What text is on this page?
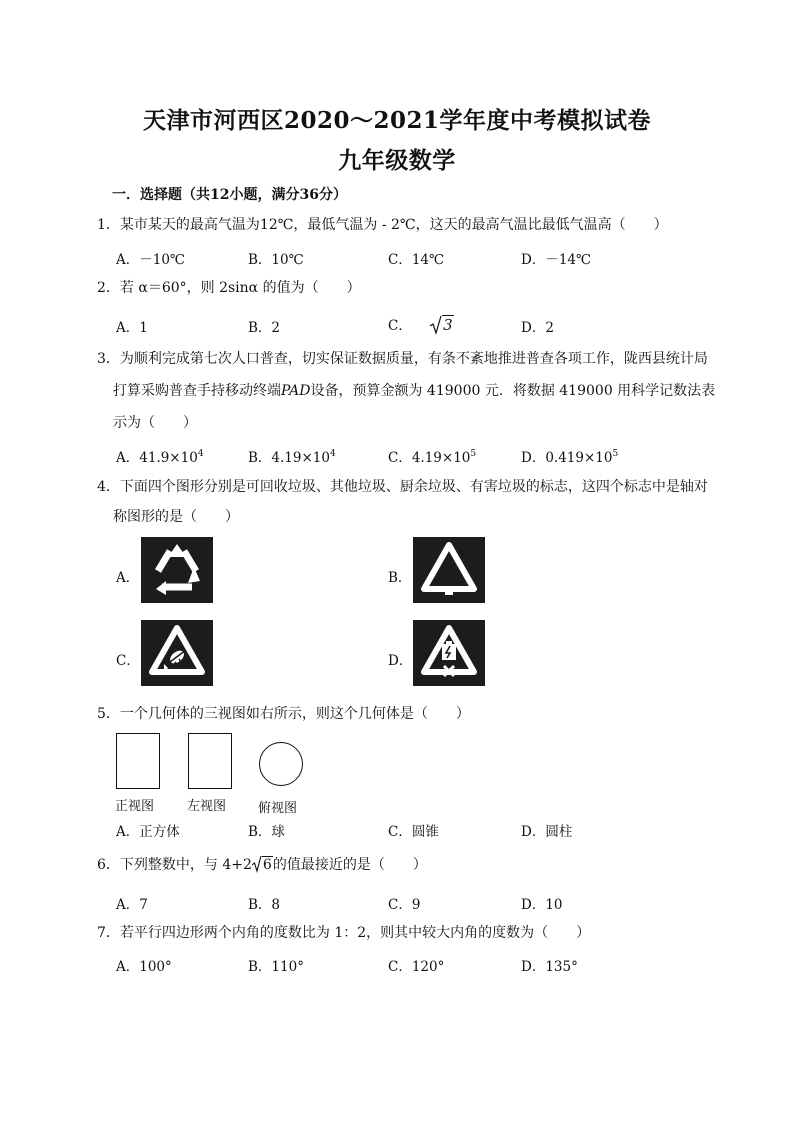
天津市河西区2020～2021学年度中考模拟试卷
九年级数学
一．选择题（共12小题，满分36分）
1．某市某天的最高气温为12℃，最低气温为 - 2℃，这天的最高气温比最低气温高（　　）
A．－10℃	B．10℃	C．14℃	D．－14℃
2．若 α＝60°，则 2sinα 的值为（　　）
A．1	B．2	C． 3	D．2
3．为顺利完成第七次人口普查，切实保证数据质量，有条不紊地推进普查各项工作，陇西县统计局
打算采购普查手持移动终端PAD设备，预算金额为 419000 元．将数据 419000 用科学记数法表
示为（　　）
A．$41.9\times 10^4$	B．$4.19\times 10^4$	C．$4.19\times 10^5$	D．$0.419\times 10^5$
4．下面四个图形分别是可回收垃圾、其他垃圾、厨余垃圾、有害垃圾的标志，这四个标志中是轴对
称图形的是（　　）
A．	B．
C．	D．
5．一个几何体的三视图如右所示，则这个几何体是（　　）
正视图	左视图 俯视图
A．正方体	B．球	C．圆锥	D．圆柱
6．下列整数中，与 4+2 6的值最接近的是（　　）
A．7	B．8	C．9	D．10
7．若平行四边形两个内角的度数比为 1：2，则其中较大内角的度数为（　　）
A．100°	B．110°	C．120°	D．135°
